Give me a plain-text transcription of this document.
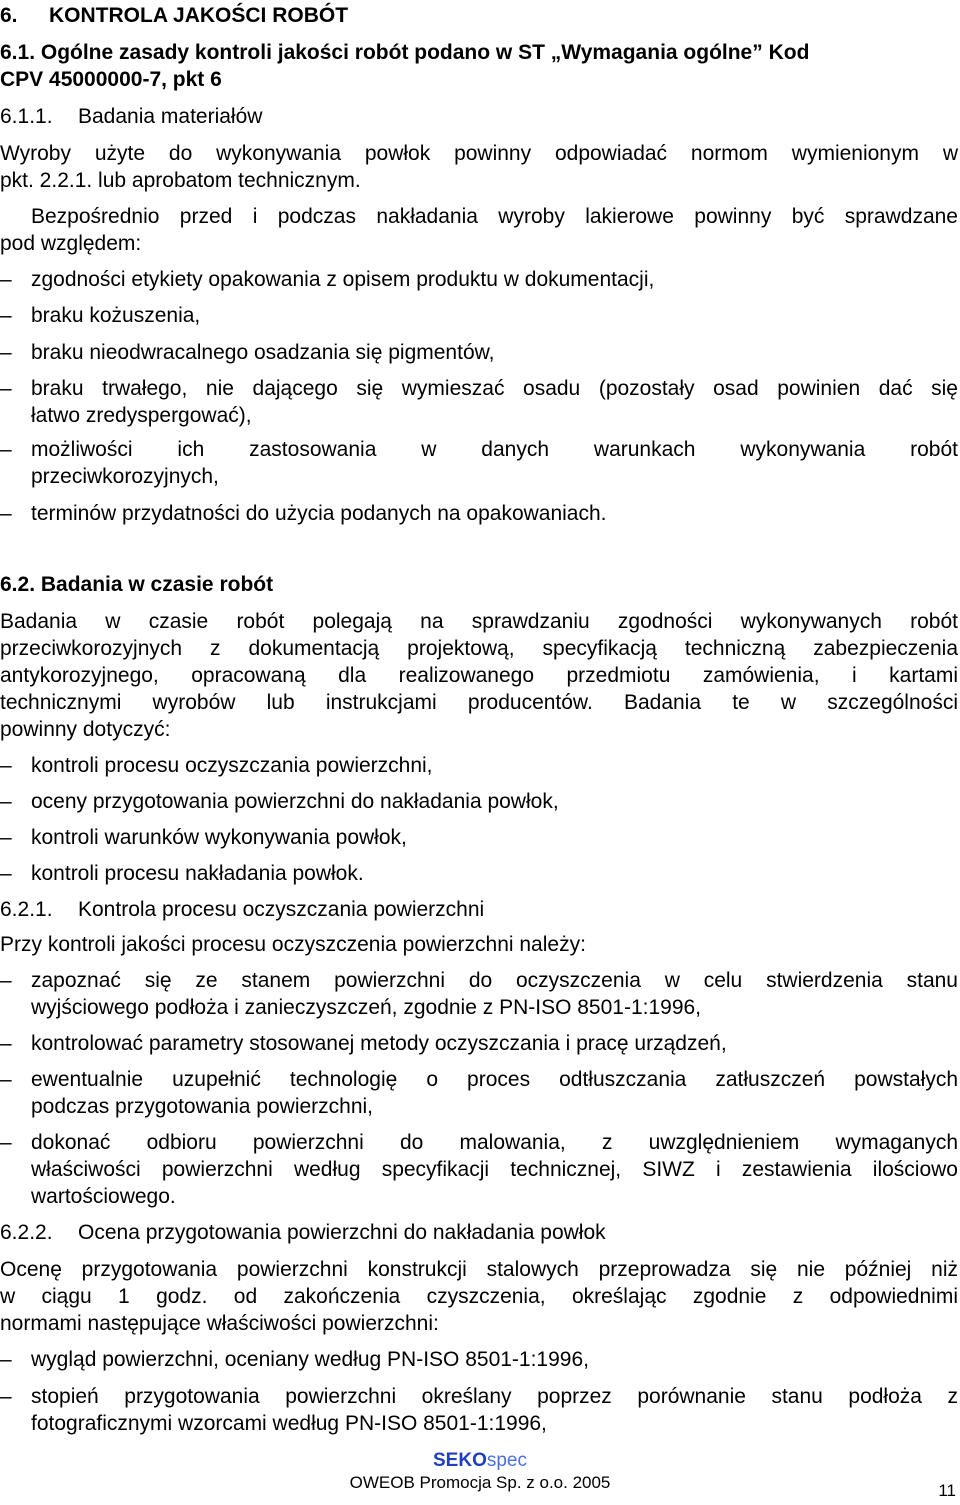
6. KONTROLA JAKOŚCI ROBÓT
6.1. Ogólne zasady kontroli jakości robót podano w ST „Wymagania ogólne” Kod
CPV 45000000-7, pkt 6
6.1.1. Badania materiałów
Wyroby użyte do wykonywania powłok powinny odpowiadać normom wymienionym w
pkt. 2.2.1. lub aprobatom technicznym.
Bezpośrednio przed i podczas nakładania wyroby lakierowe powinny być sprawdzane
pod względem:
– zgodności etykiety opakowania z opisem produktu w dokumentacji,
– braku kożuszenia,
– braku nieodwracalnego osadzania się pigmentów,
– braku trwałego, nie dającego się wymieszać osadu (pozostały osad powinien dać się
łatwo zredyspergować),
– możliwości ich zastosowania w danych warunkach wykonywania robót
przeciwkorozyjnych,
– terminów przydatności do użycia podanych na opakowaniach.
6.2. Badania w czasie robót
Badania w czasie robót polegają na sprawdzaniu zgodności wykonywanych robót
przeciwkorozyjnych z dokumentacją projektową, specyfikacją techniczną zabezpieczenia
antykorozyjnego, opracowaną dla realizowanego przedmiotu zamówienia, i kartami
technicznymi wyrobów lub instrukcjami producentów. Badania te w szczególności
powinny dotyczyć:
– kontroli procesu oczyszczania powierzchni,
– oceny przygotowania powierzchni do nakładania powłok,
– kontroli warunków wykonywania powłok,
– kontroli procesu nakładania powłok.
6.2.1. Kontrola procesu oczyszczania powierzchni
Przy kontroli jakości procesu oczyszczenia powierzchni należy:
– zapoznać się ze stanem powierzchni do oczyszczenia w celu stwierdzenia stanu
wyjściowego podłoża i zanieczyszczeń, zgodnie z PN-ISO 8501-1:1996,
– kontrolować parametry stosowanej metody oczyszczania i pracę urządzeń,
– ewentualnie uzupełnić technologię o proces odtłuszczania zatłuszczeń powstałych
podczas przygotowania powierzchni,
– dokonać odbioru powierzchni do malowania, z uwzględnieniem wymaganych
właściwości powierzchni według specyfikacji technicznej, SIWZ i zestawienia ilościowo
wartościowego.
6.2.2. Ocena przygotowania powierzchni do nakładania powłok
Ocenę przygotowania powierzchni konstrukcji stalowych przeprowadza się nie później niż
w ciągu 1 godz. od zakończenia czyszczenia, określając zgodnie z odpowiednimi
normami następujące właściwości powierzchni:
– wygląd powierzchni, oceniany według PN-ISO 8501-1:1996,
– stopień przygotowania powierzchni określany poprzez porównanie stanu podłoża z
fotograficznymi wzorcami według PN-ISO 8501-1:1996,
SEKOspec
OWEOB Promocja Sp. z o.o. 2005	11
